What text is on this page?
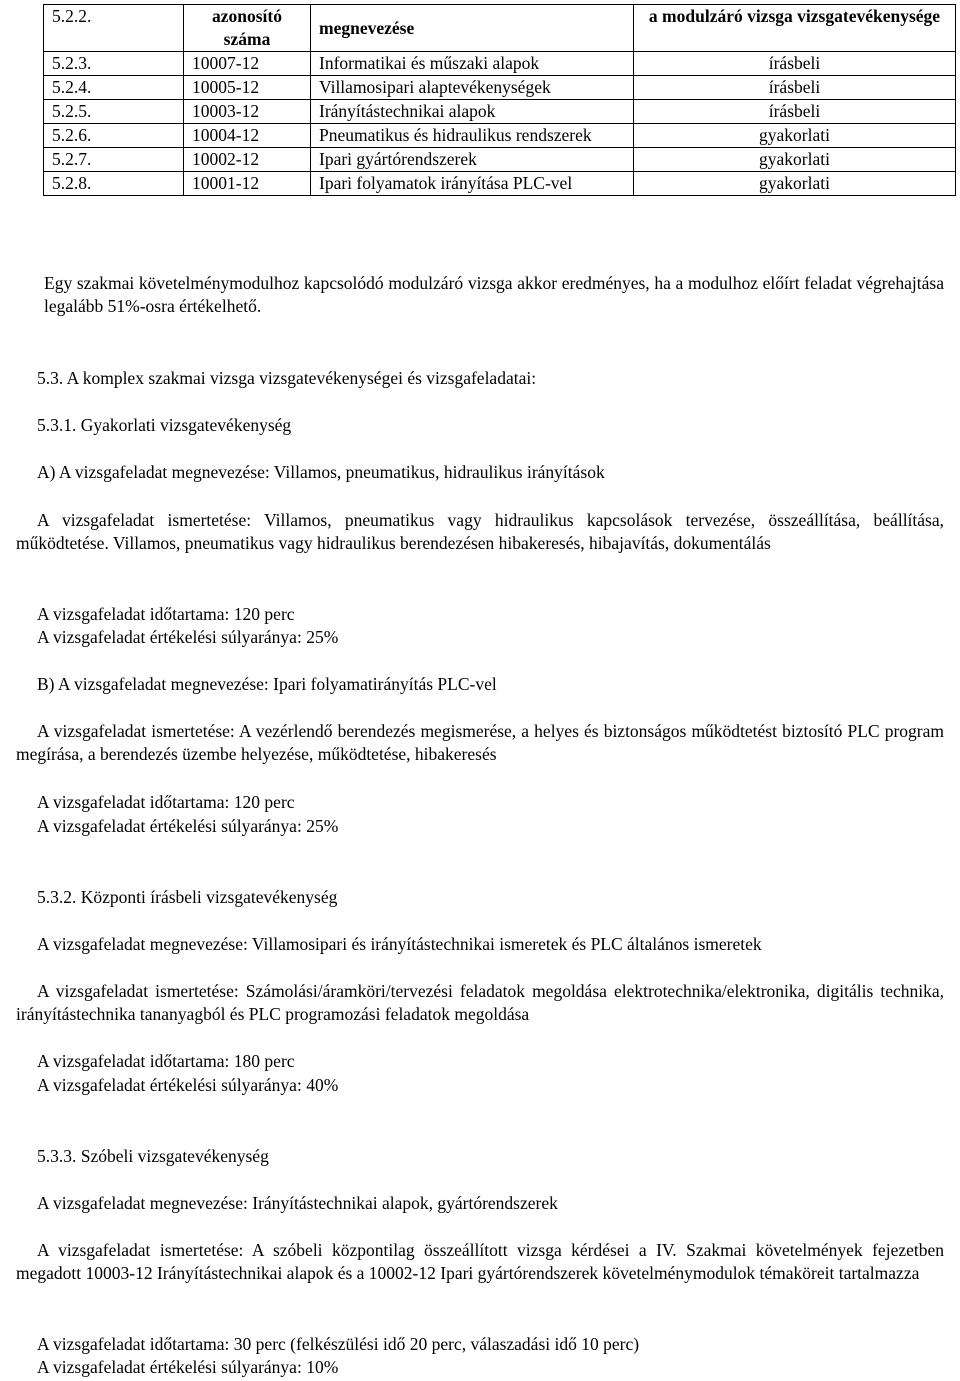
5.2.2.	azonosító száma	megnevezése	a modulzáró vizsga vizsgatevékenysége
5.2.3.	10007-12	Informatikai és műszaki alapok	írásbeli
5.2.4.	10005-12	Villamosipari alaptevékenységek	írásbeli
5.2.5.	10003-12	Irányítástechnikai alapok	írásbeli
5.2.6.	10004-12	Pneumatikus és hidraulikus rendszerek	gyakorlati
5.2.7.	10002-12	Ipari gyártórendszerek	gyakorlati
5.2.8.	10001-12	Ipari folyamatok irányítása PLC-vel	gyakorlati
Egy szakmai követelménymodulhoz kapcsolódó modulzáró vizsga akkor eredményes, ha a modulhoz előírt feladat végrehajtása legalább 51%-osra értékelhető.
5.3. A komplex szakmai vizsga vizsgatevékenységei és vizsgafeladatai:
5.3.1. Gyakorlati vizsgatevékenység
A) A vizsgafeladat megnevezése: Villamos, pneumatikus, hidraulikus irányítások
A vizsgafeladat ismertetése: Villamos, pneumatikus vagy hidraulikus kapcsolások tervezése, összeállítása, beállítása, működtetése. Villamos, pneumatikus vagy hidraulikus berendezésen hibakeresés, hibajavítás, dokumentálás
A vizsgafeladat időtartama: 120 perc
A vizsgafeladat értékelési súlyaránya: 25%
B) A vizsgafeladat megnevezése: Ipari folyamatirányítás PLC-vel
A vizsgafeladat ismertetése: A vezérlendő berendezés megismerése, a helyes és biztonságos működtetést biztosító PLC program megírása, a berendezés üzembe helyezése, működtetése, hibakeresés
A vizsgafeladat időtartama: 120 perc
A vizsgafeladat értékelési súlyaránya: 25%
5.3.2. Központi írásbeli vizsgatevékenység
A vizsgafeladat megnevezése: Villamosipari és irányítástechnikai ismeretek és PLC általános ismeretek
A vizsgafeladat ismertetése: Számolási/áramköri/tervezési feladatok megoldása elektrotechnika/elektronika, digitális technika, irányítástechnika tananyagból és PLC programozási feladatok megoldása
A vizsgafeladat időtartama: 180 perc
A vizsgafeladat értékelési súlyaránya: 40%
5.3.3. Szóbeli vizsgatevékenység
A vizsgafeladat megnevezése: Irányítástechnikai alapok, gyártórendszerek
A vizsgafeladat ismertetése: A szóbeli központilag összeállított vizsga kérdései a IV. Szakmai követelmények fejezetben megadott 10003-12 Irányítástechnikai alapok és a 10002-12 Ipari gyártórendszerek követelménymodulok témaköreit tartalmazza
A vizsgafeladat időtartama: 30 perc (felkészülési idő 20 perc, válaszadási idő 10 perc)
A vizsgafeladat értékelési súlyaránya: 10%
